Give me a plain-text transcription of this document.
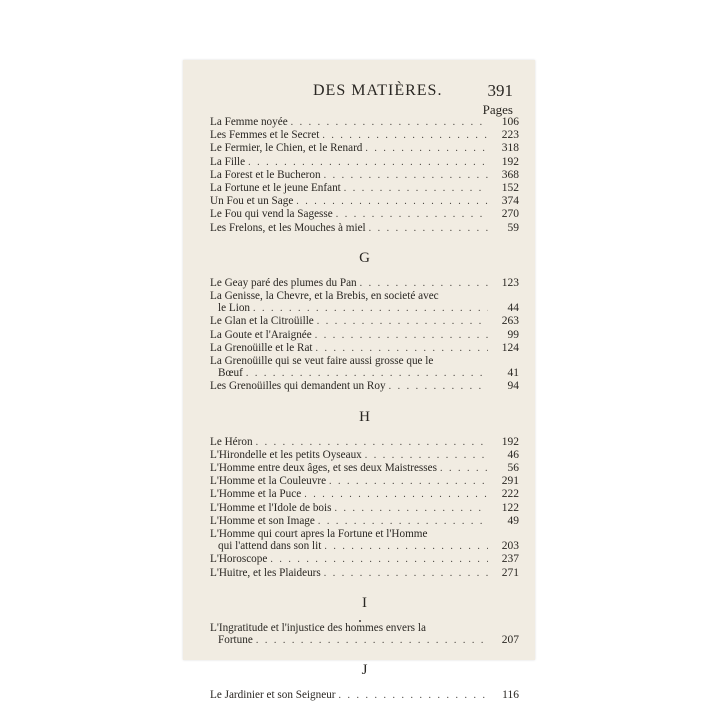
DES MATIÈRES.	391
Pages
La Femme noyée . . .	106
Les Femmes et le Secret . . .	223
Le Fermier, le Chien, et le Renard . . .	318
La Fille . . .	192
La Forest et le Bucheron . . .	368
La Fortune et le jeune Enfant . . .	152
Un Fou et un Sage . . .	374
Le Fou qui vend la Sagesse . . .	270
Les Frelons, et les Mouches à miel . . .	59
G
Le Geay paré des plumes du Pan . . .	123
La Genisse, la Chevre, et la Brebis, en societé avec
le Lion . . .	44
Le Glan et la Citroüille . . .	263
La Goute et l'Araignée . . .	99
La Grenoüille et le Rat . . .	124
La Grenoüille qui se veut faire aussi grosse que le
Bœuf . . .	41
Les Grenoüilles qui demandent un Roy . . .	94
H
Le Héron . . .	192
L'Hirondelle et les petits Oyseaux . . .	46
L'Homme entre deux âges, et ses deux Maistresses . . .	56
L'Homme et la Couleuvre . . .	291
L'Homme et la Puce . . .	222
L'Homme et l'Idole de bois . . .	122
L'Homme et son Image . . .	49
L'Homme qui court apres la Fortune et l'Homme
qui l'attend dans son lit . . .	203
L'Horoscope . . .	237
L'Huitre, et les Plaideurs . . .	271
I
L'Ingratitude et l'injustice des hommes envers la
Fortune . . .	207
J
Le Jardinier et son Seigneur . . .	116
